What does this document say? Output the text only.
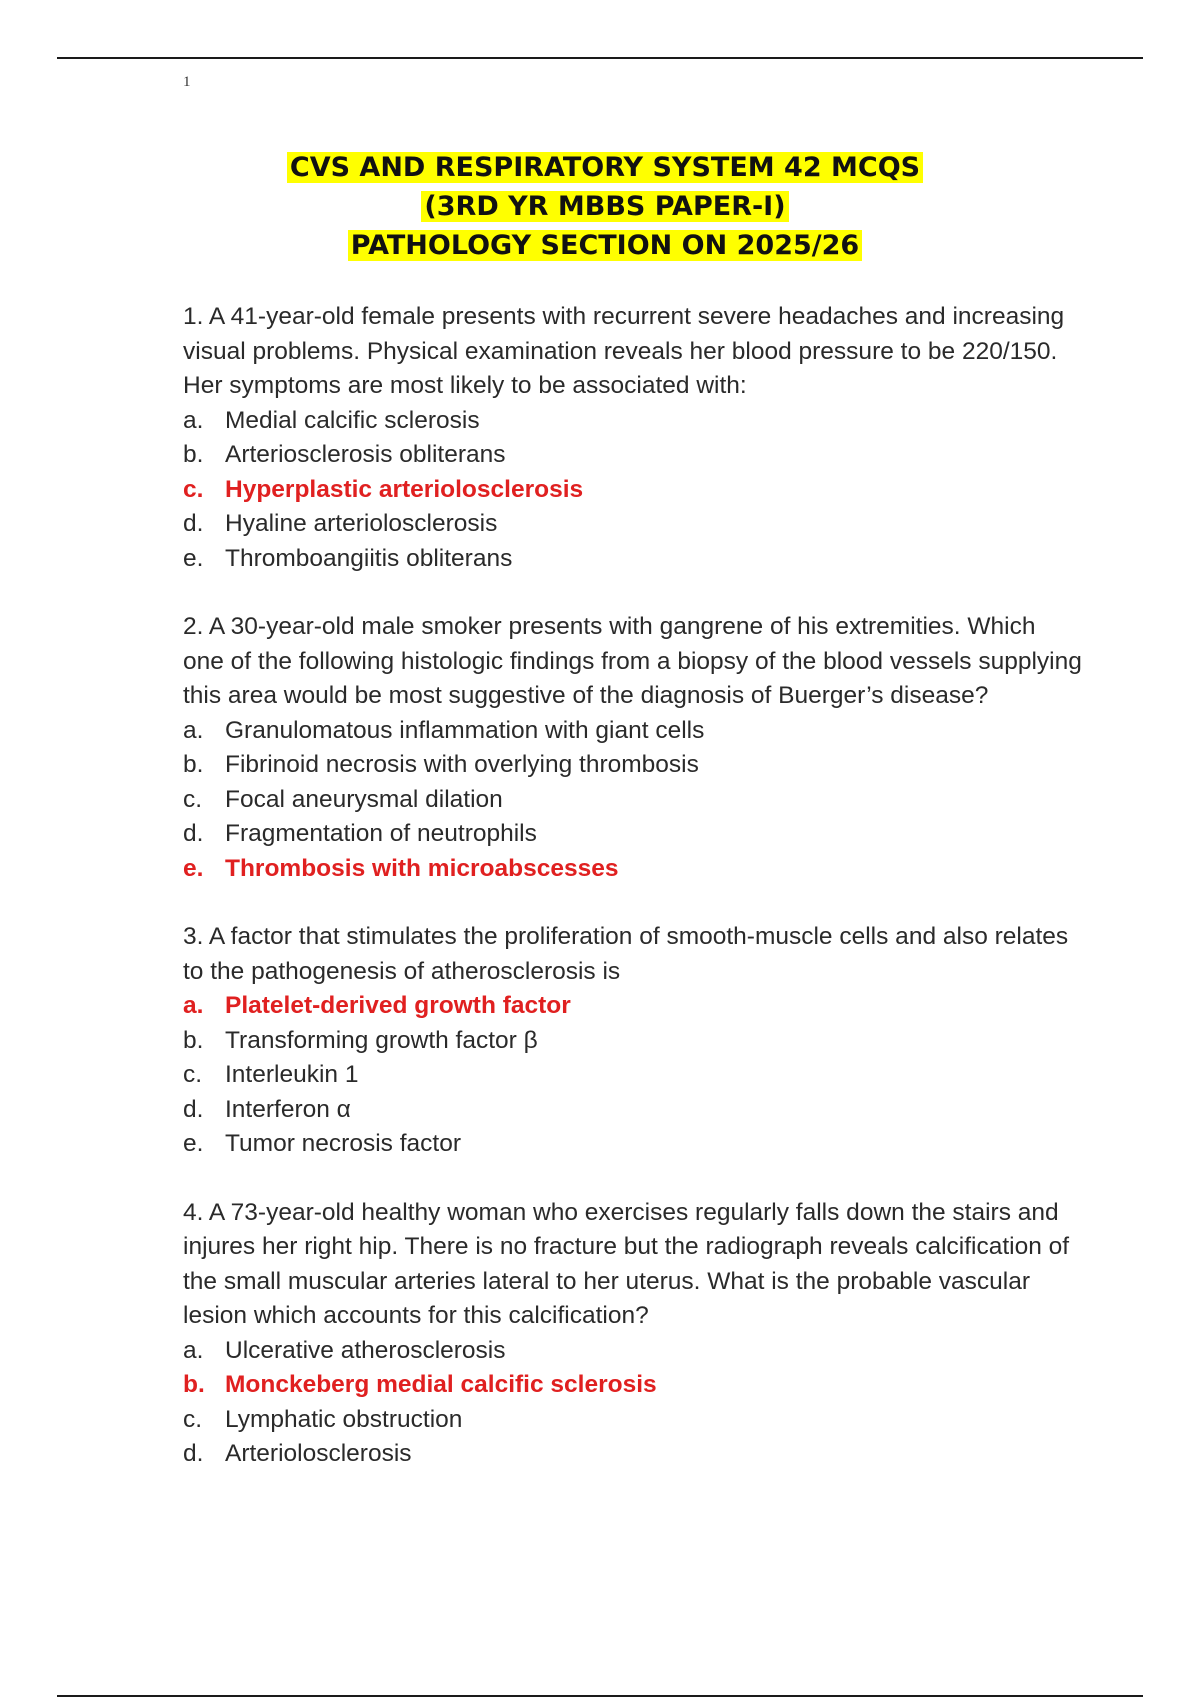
1
CVS AND RESPIRATORY SYSTEM 42 MCQS
(3RD YR MBBS PAPER-I)
PATHOLOGY SECTION ON 2025/26

1. A 41-year-old female presents with recurrent severe headaches and increasing visual problems. Physical examination reveals her blood pressure to be 220/150. Her symptoms are most likely to be associated with:

a. Medial calcific sclerosis
b. Arteriosclerosis obliterans
c. Hyperplastic arteriolosclerosis
d. Hyaline arteriolosclerosis
e. Thromboangiitis obliterans

2. A 30-year-old male smoker presents with gangrene of his extremities. Which one of the following histologic findings from a biopsy of the blood vessels supplying this area would be most suggestive of the diagnosis of Buerger’s disease?

a. Granulomatous inflammation with giant cells
b. Fibrinoid necrosis with overlying thrombosis
c. Focal aneurysmal dilation
d. Fragmentation of neutrophils
e. Thrombosis with microabscesses

3. A factor that stimulates the proliferation of smooth-muscle cells and also relates to the pathogenesis of atherosclerosis is

a. Platelet-derived growth factor
b. Transforming growth factor β
c. Interleukin 1
d. Interferon α
e. Tumor necrosis factor

4. A 73-year-old healthy woman who exercises regularly falls down the stairs and injures her right hip. There is no fracture but the radiograph reveals calcification of the small muscular arteries lateral to her uterus. What is the probable vascular lesion which accounts for this calcification?

a. Ulcerative atherosclerosis
b. Monckeberg medial calcific sclerosis
c. Lymphatic obstruction
d. Arteriolosclerosis
